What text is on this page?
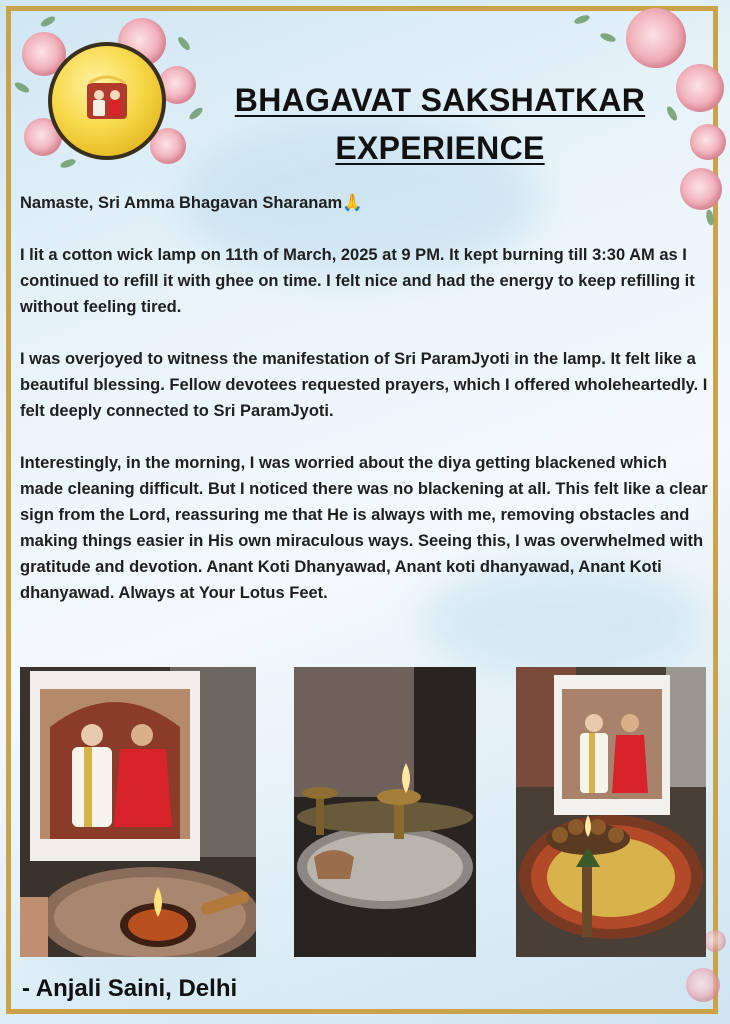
BHAGAVAT SAKSHATKAR
EXPERIENCE

Namaste, Sri Amma Bhagavan Sharanam🙏

I lit a cotton wick lamp on 11th of March, 2025 at 9 PM. It kept burning till 3:30 AM as I continued to refill it with ghee on time. I felt nice and had the energy to keep refilling it without feeling tired.

I was overjoyed to witness the manifestation of Sri ParamJyoti in the lamp. It felt like a beautiful blessing. Fellow devotees requested prayers, which I offered wholeheartedly. I felt deeply connected to Sri ParamJyoti.

Interestingly, in the morning, I was worried about the diya getting blackened which made cleaning difficult. But I noticed there was no blackening at all. This felt like a clear sign from the Lord, reassuring me that He is always with me, removing obstacles and making things easier in His own miraculous ways. Seeing this, I was overwhelmed with gratitude and devotion. Anant Koti Dhanyawad, Anant koti dhanyawad, Anant Koti dhanyawad. Always at Your Lotus Feet.

- Anjali Saini, Delhi
